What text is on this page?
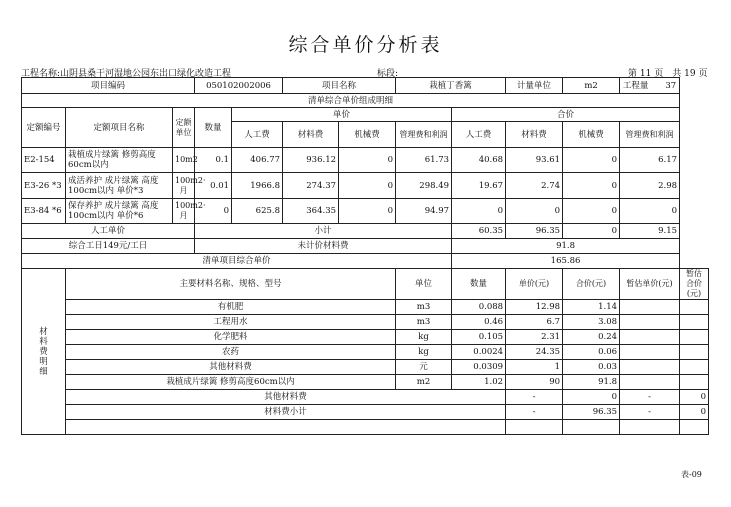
综合单价分析表
工程名称:山阴县桑干河湿地公园东出口绿化改造工程	标段:	第 11 页　共 19 页
项目编码			050102002006		项目名称		栽植丁香篱		计量单位	m2	工程量　　 37	
清单综合单价组成明细												
定额编号	定额项目名称	定额单位	数量	单价				合价				
				人工费	材料费	机械费	管理费和利润	人工费	材料费	机械费	管理费和利润	
E2-154	栽植成片绿篱 修剪高度60cm以内	10m2	0.1	406.77	936.12	0	61.73	40.68	93.61	0	6.17	
E3-26 *3	成活养护 成片绿篱 高度100cm以内 单价*3	100m2·月	0.01	1966.8	274.37	0	298.49	19.67	2.74	0	2.98	
E3-84 *6	保存养护 成片绿篱 高度100cm以内 单价*6	100m2·月	0	625.8	364.35	0	94.97	0	0	0	0	
人工单价			小计					60.35	96.35	0	9.15	
综合工日149元/工日			未计价材料费					91.8				
清单项目综合单价								165.86				
材
料
费
明
细	主要材料名称、规格、型号						单位	数量	单价(元)	合价(元)	暂估单价(元)	暂估合价(元)
	有机肥						m3	0.088	12.98	1.14		
	工程用水						m3	0.46	6.7	3.08		
	化学肥料						kg	0.105	2.31	0.24		
	农药						kg	0.0024	24.35	0.06		
	其他材料费						元	0.0309	1	0.03		
	栽植成片绿篱 修剪高度60cm以内						m2	1.02	90	91.8		
	其他材料费								-	0	-	0
	材料费小计								-	96.35	-	0

表-09
